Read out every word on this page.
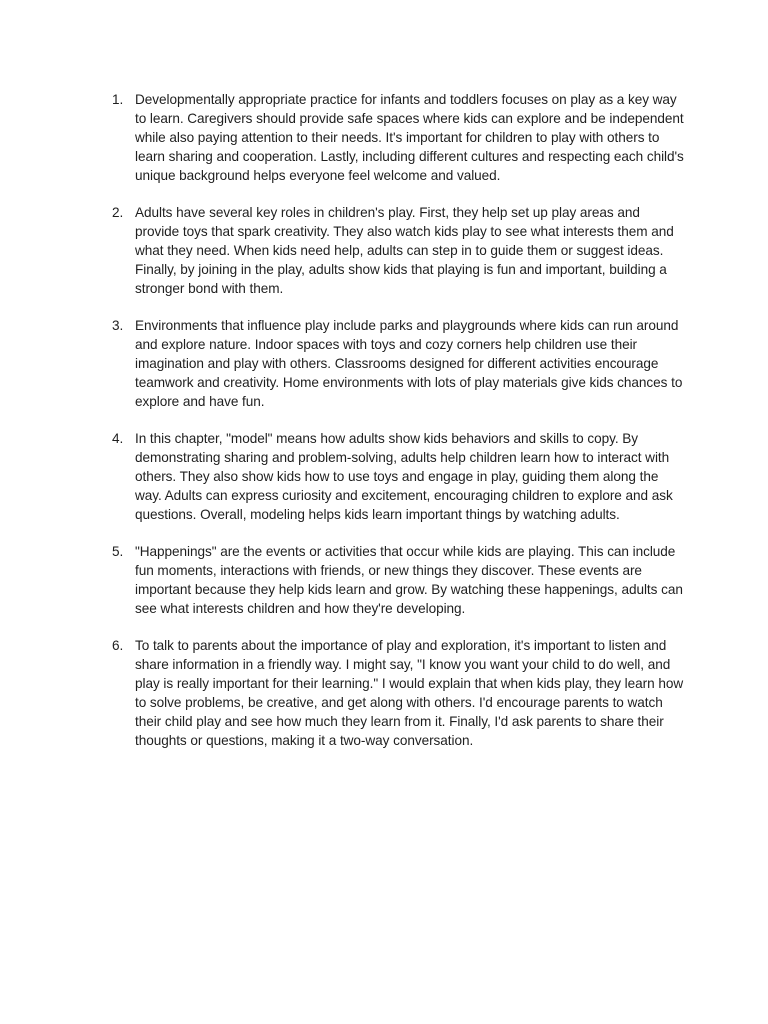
1. Developmentally appropriate practice for infants and toddlers focuses on play as a key way to learn. Caregivers should provide safe spaces where kids can explore and be independent while also paying attention to their needs. It's important for children to play with others to learn sharing and cooperation. Lastly, including different cultures and respecting each child's unique background helps everyone feel welcome and valued.
2. Adults have several key roles in children's play. First, they help set up play areas and provide toys that spark creativity. They also watch kids play to see what interests them and what they need. When kids need help, adults can step in to guide them or suggest ideas. Finally, by joining in the play, adults show kids that playing is fun and important, building a stronger bond with them.
3. Environments that influence play include parks and playgrounds where kids can run around and explore nature. Indoor spaces with toys and cozy corners help children use their imagination and play with others. Classrooms designed for different activities encourage teamwork and creativity. Home environments with lots of play materials give kids chances to explore and have fun.
4. In this chapter, "model" means how adults show kids behaviors and skills to copy. By demonstrating sharing and problem-solving, adults help children learn how to interact with others. They also show kids how to use toys and engage in play, guiding them along the way. Adults can express curiosity and excitement, encouraging children to explore and ask questions. Overall, modeling helps kids learn important things by watching adults.
5. "Happenings" are the events or activities that occur while kids are playing. This can include fun moments, interactions with friends, or new things they discover. These events are important because they help kids learn and grow. By watching these happenings, adults can see what interests children and how they're developing.
6. To talk to parents about the importance of play and exploration, it's important to listen and share information in a friendly way. I might say, "I know you want your child to do well, and play is really important for their learning." I would explain that when kids play, they learn how to solve problems, be creative, and get along with others. I'd encourage parents to watch their child play and see how much they learn from it. Finally, I'd ask parents to share their thoughts or questions, making it a two-way conversation.
